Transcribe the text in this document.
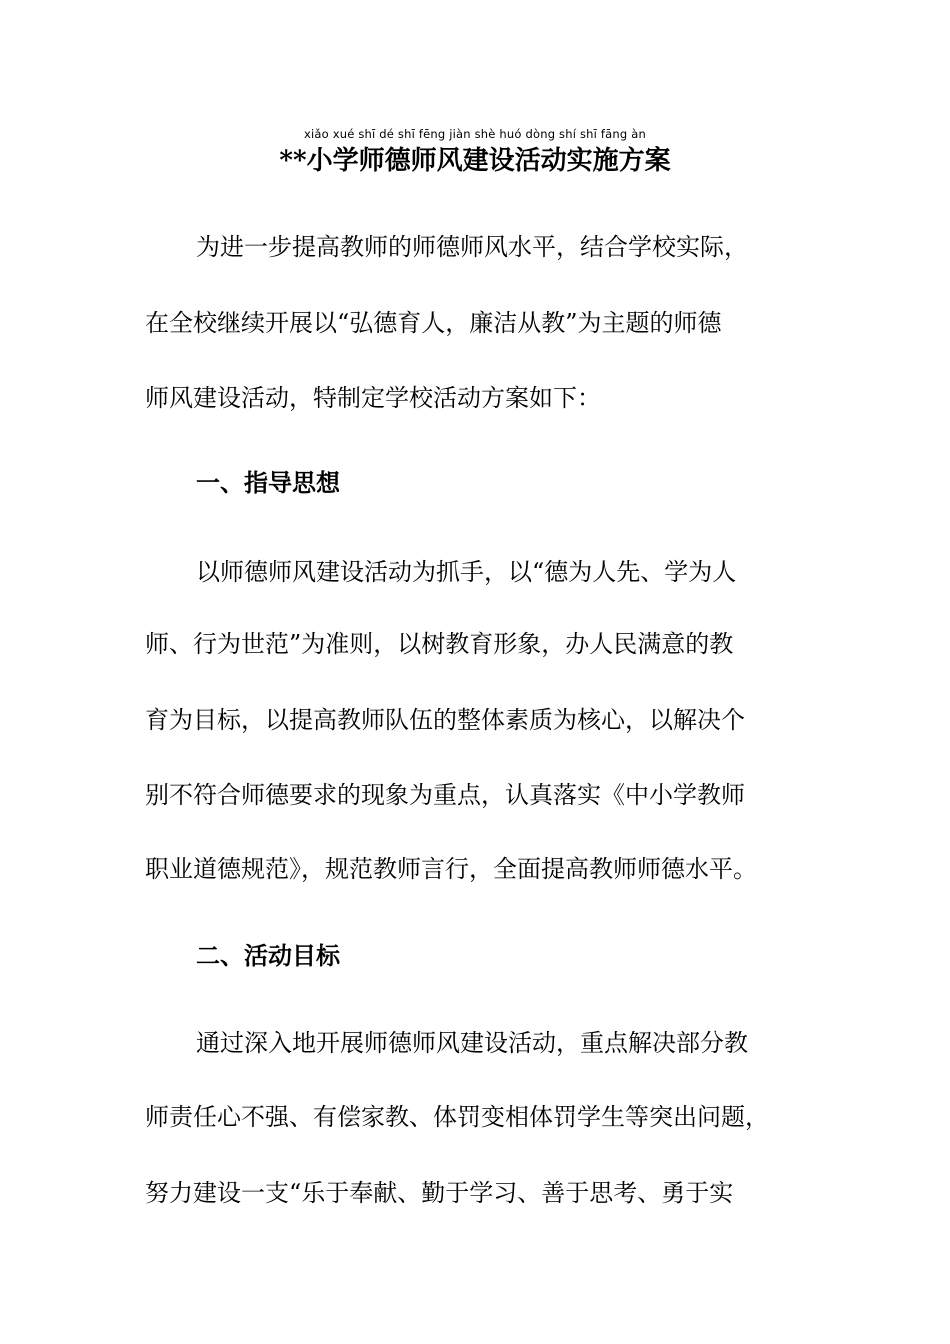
xiǎo xué shī dé shī fēng jiàn shè huó dòng shí shī fāng àn
**小学师德师风建设活动实施方案
为进一步提高教师的师德师风水平，结合学校实际，
在全校继续开展以“弘德育人，廉洁从教”为主题的师德
师风建设活动，特制定学校活动方案如下：
一、指导思想
以师德师风建设活动为抓手，以“德为人先、学为人
师、行为世范”为准则，以树教育形象，办人民满意的教
育为目标，以提高教师队伍的整体素质为核心，以解决个
别不符合师德要求的现象为重点，认真落实《中小学教师
职业道德规范》，规范教师言行，全面提高教师师德水平。
二、活动目标
通过深入地开展师德师风建设活动，重点解决部分教
师责任心不强、有偿家教、体罚变相体罚学生等突出问题，
努力建设一支“乐于奉献、勤于学习、善于思考、勇于实
